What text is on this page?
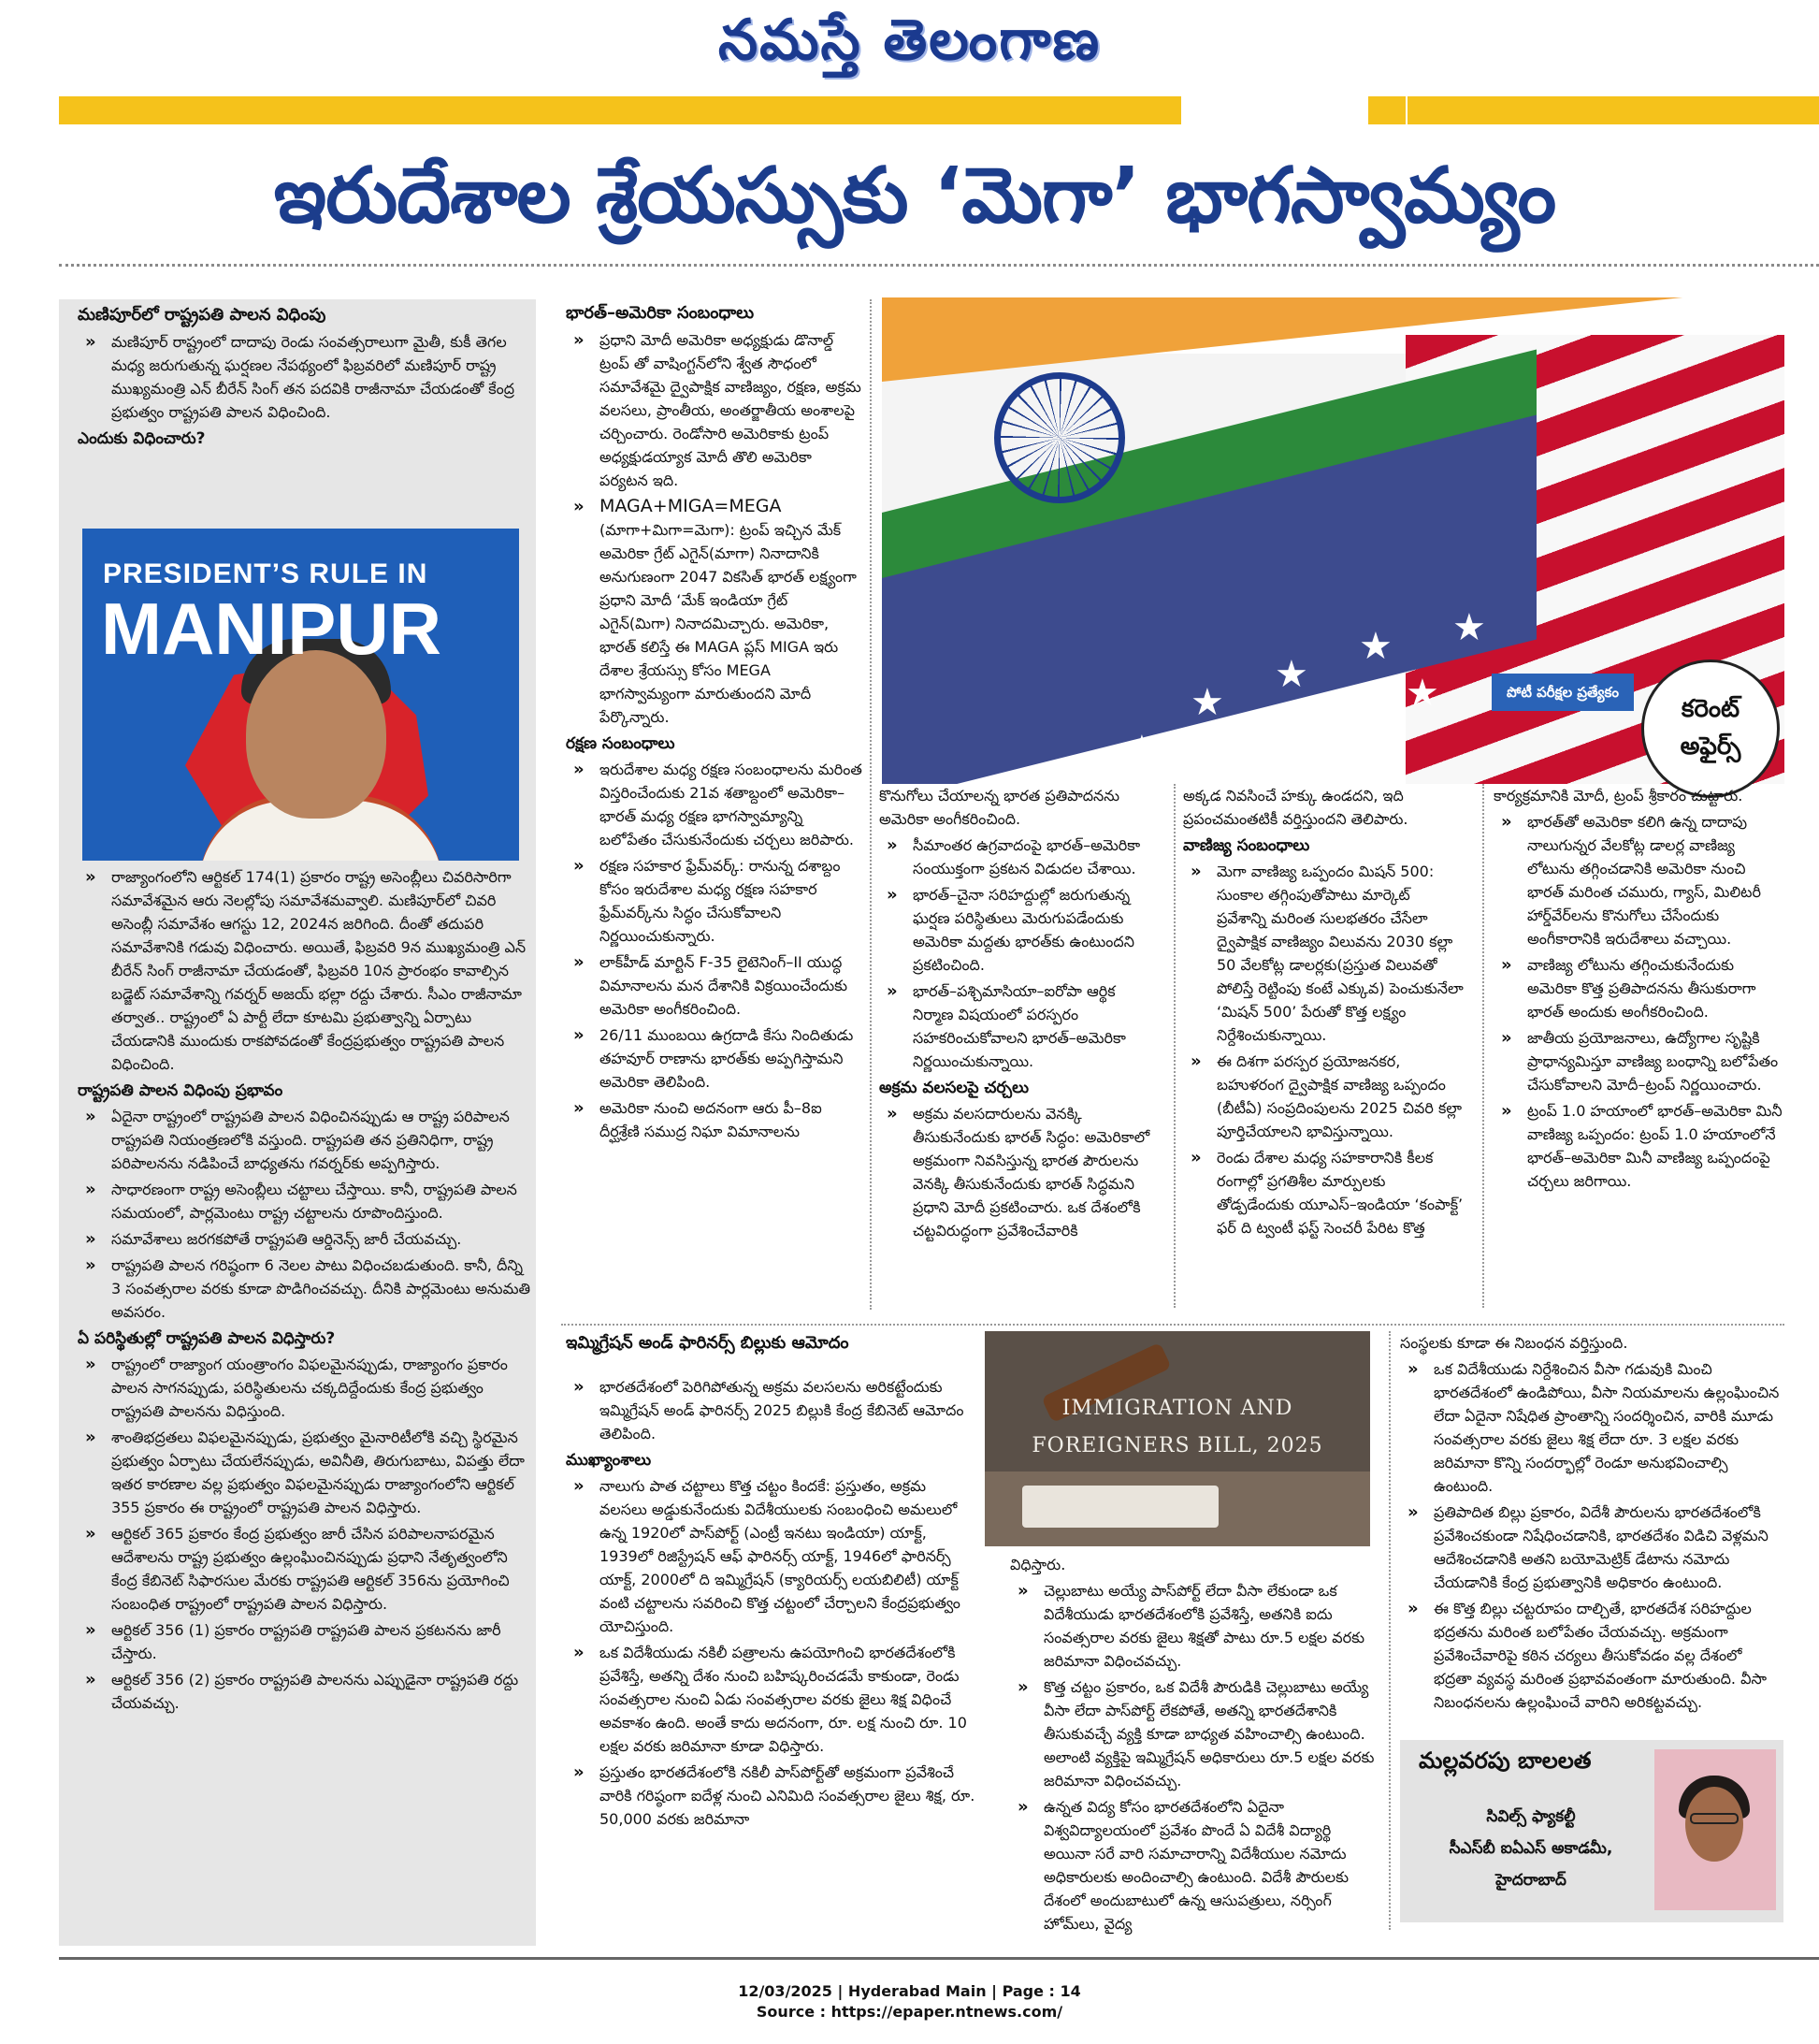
నమస్తే తెలంగాణ
ఇరుదేశాల శ్రేయస్సుకు ‘మెగా’ భాగస్వామ్యం
మణిపూర్‌లో రాష్ట్రపతి పాలన విధింపు
» మణిపూర్ రాష్ట్రంలో దాదాపు రెండు సంవత్సరాలుగా మైతీ, కుకీ తెగల మధ్య జరుగుతున్న ఘర్షణల నేపథ్యంలో ఫిబ్రవరిలో మణిపూర్ రాష్ట్ర ముఖ్యమంత్రి ఎన్ బీరేన్ సింగ్ తన పదవికి రాజీనామా చేయడంతో కేంద్ర ప్రభుత్వం రాష్ట్రపతి పాలన విధించింది.
ఎందుకు విధించారు?
PRESIDENT’S RULE IN
MANIPUR
» రాజ్యాంగంలోని ఆర్టికల్ 174(1) ప్రకారం రాష్ట్ర అసెంబ్లీలు చివరిసారిగా సమావేశమైన ఆరు నెలల్లోపు సమావేశమవ్వాలి. మణిపూర్‌లో చివరి అసెంబ్లీ సమావేశం ఆగస్టు 12, 2024న జరిగింది. దీంతో తదుపరి సమావేశానికి గడువు విధించారు. అయితే, ఫిబ్రవరి 9న ముఖ్యమంత్రి ఎన్ బీరేన్ సింగ్ రాజీనామా చేయడంతో, ఫిబ్రవరి 10న ప్రారంభం కావాల్సిన బడ్జెట్ సమావేశాన్ని గవర్నర్ అజయ్ భల్లా రద్దు చేశారు. సీఎం రాజీనామా తర్వాత.. రాష్ట్రంలో ఏ పార్టీ లేదా కూటమి ప్రభుత్వాన్ని ఏర్పాటు చేయడానికి ముందుకు రాకపోవడంతో కేంద్రప్రభుత్వం రాష్ట్రపతి పాలన విధించింది.
రాష్ట్రపతి పాలన విధింపు ప్రభావం
» ఏదైనా రాష్ట్రంలో రాష్ట్రపతి పాలన విధించినప్పుడు ఆ రాష్ట్ర పరిపాలన రాష్ట్రపతి నియంత్రణలోకి వస్తుంది. రాష్ట్రపతి తన ప్రతినిధిగా, రాష్ట్ర పరిపాలనను నడిపించే బాధ్యతను గవర్నర్‌కు అప్పగిస్తారు.
» సాధారణంగా రాష్ట్ర అసెంబ్లీలు చట్టాలు చేస్తాయి. కానీ, రాష్ట్రపతి పాలన సమయంలో, పార్లమెంటు రాష్ట్ర చట్టాలను రూపొందిస్తుంది.
» సమావేశాలు జరగకపోతే రాష్ట్రపతి ఆర్డినెన్స్ జారీ చేయవచ్చు.
» రాష్ట్రపతి పాలన గరిష్ఠంగా 6 నెలల పాటు విధించబడుతుంది. కానీ, దీన్ని 3 సంవత్సరాల వరకు కూడా పొడిగించవచ్చు. దీనికి పార్లమెంటు అనుమతి అవసరం.
ఏ పరిస్థితుల్లో రాష్ట్రపతి పాలన విధిస్తారు?
» రాష్ట్రంలో రాజ్యాంగ యంత్రాంగం విఫలమైనప్పుడు, రాజ్యాంగం ప్రకారం పాలన సాగనప్పుడు, పరిస్థితులను చక్కదిద్దేందుకు కేంద్ర ప్రభుత్వం రాష్ట్రపతి పాలనను విధిస్తుంది.
» శాంతిభద్రతలు విఫలమైనప్పుడు, ప్రభుత్వం మైనారిటీలోకి వచ్చి స్థిరమైన ప్రభుత్వం ఏర్పాటు చేయలేనప్పుడు, అవినీతి, తిరుగుబాటు, విపత్తు లేదా ఇతర కారణాల వల్ల ప్రభుత్వం విఫలమైనప్పుడు రాజ్యాంగంలోని ఆర్టికల్ 355 ప్రకారం ఈ రాష్ట్రంలో రాష్ట్రపతి పాలన విధిస్తారు.
» ఆర్టికల్ 365 ప్రకారం కేంద్ర ప్రభుత్వం జారీ చేసిన పరిపాలనాపరమైన ఆదేశాలను రాష్ట్ర ప్రభుత్వం ఉల్లంఘించినప్పుడు ప్రధాని నేతృత్వంలోని కేంద్ర కేబినెట్ సిఫారసుల మేరకు రాష్ట్రపతి ఆర్టికల్ 356ను ప్రయోగించి సంబంధిత రాష్ట్రంలో రాష్ట్రపతి పాలన విధిస్తారు.
» ఆర్టికల్ 356 (1) ప్రకారం రాష్ట్రపతి రాష్ట్రపతి పాలన ప్రకటనను జారీ చేస్తారు.
» ఆర్టికల్ 356 (2) ప్రకారం రాష్ట్రపతి పాలనను ఎప్పుడైనా రాష్ట్రపతి రద్దు చేయవచ్చు.
భారత్–అమెరికా సంబంధాలు
» ప్రధాని మోదీ అమెరికా అధ్యక్షుడు డొనాల్డ్ ట్రంప్ తో వాషింగ్టన్‌లోని శ్వేత సౌధంలో సమావేశమై ద్వైపాక్షిక వాణిజ్యం, రక్షణ, అక్రమ వలసలు, ప్రాంతీయ, అంతర్జాతీయ అంశాలపై చర్చించారు. రెండోసారి అమెరికాకు ట్రంప్ అధ్యక్షుడయ్యాక మోదీ తొలి అమెరికా పర్యటన ఇది.
» MAGA+MIGA=MEGA
(మాగా+మిగా=మెగా): ట్రంప్ ఇచ్చిన మేక్ అమెరికా గ్రేట్ ఎగైన్(మాగా) నినాదానికి అనుగుణంగా 2047 వికసిత్ భారత్ లక్ష్యంగా ప్రధాని మోదీ ‘మేక్ ఇండియా గ్రేట్ ఎగైన్(మిగా) నినాదమిచ్చారు. అమెరికా, భారత్ కలిస్తే ఈ MAGA ప్లస్ MIGA ఇరు దేశాల శ్రేయస్సు కోసం MEGA భాగస్వామ్యంగా మారుతుందని మోదీ పేర్కొన్నారు.
రక్షణ సంబంధాలు
» ఇరుదేశాల మధ్య రక్షణ సంబంధాలను మరింత విస్తరించేందుకు 21వ శతాబ్దంలో అమెరికా–భారత్ మధ్య రక్షణ భాగస్వామ్యాన్ని బలోపేతం చేసుకునేందుకు చర్చలు జరిపారు.
» రక్షణ సహకార ఫ్రేమ్‌వర్క్: రానున్న దశాబ్దం కోసం ఇరుదేశాల మధ్య రక్షణ సహకార ఫ్రేమ్‌వర్క్‌ను సిద్ధం చేసుకోవాలని నిర్ణయించుకున్నారు.
» లాక్‌హీడ్ మార్టిన్ F-35 లైటెనింగ్–II యుద్ధ విమానాలను మన దేశానికి విక్రయించేందుకు అమెరికా అంగీకరించింది.
» 26/11 ముంబయి ఉగ్రదాడి కేసు నిందితుడు తహవూర్ రాణాను భారత్‌కు అప్పగిస్తామని అమెరికా తెలిపింది.
» అమెరికా నుంచి అదనంగా ఆరు పీ–8ఐ దీర్ఘశ్రేణి సముద్ర నిఘా విమానాలను
★
★
★
★
★
★
★
★
పోటీ పరీక్షల ప్రత్యేకం
కరెంట్
అఫైర్స్
కొనుగోలు చేయాలన్న భారత ప్రతిపాదనను అమెరికా అంగీకరించింది.
» సీమాంతర ఉగ్రవాదంపై భారత్–అమెరికా సంయుక్తంగా ప్రకటన విడుదల చేశాయి.
» భారత్–చైనా సరిహద్దుల్లో జరుగుతున్న ఘర్షణ పరిస్థితులు మెరుగుపడేందుకు అమెరికా మద్దతు భారత్‌కు ఉంటుందని ప్రకటించింది.
» భారత్–పశ్చిమాసియా–ఐరోపా ఆర్థిక నిర్మాణ విషయంలో పరస్పరం సహకరించుకోవాలని భారత్–అమెరికా నిర్ణయించుకున్నాయి.
అక్రమ వలసలపై చర్చలు
» అక్రమ వలసదారులను వెనక్కి తీసుకునేందుకు భారత్ సిద్ధం: అమెరికాలో అక్రమంగా నివసిస్తున్న భారత పౌరులను వెనక్కి తీసుకునేందుకు భారత్ సిద్ధమని ప్రధాని మోదీ ప్రకటించారు. ఒక దేశంలోకి చట్టవిరుద్ధంగా ప్రవేశించేవారికి
అక్కడ నివసించే హక్కు ఉండదని, ఇది ప్రపంచమంతటికీ వర్తిస్తుందని తెలిపారు.
వాణిజ్య సంబంధాలు
» మెగా వాణిజ్య ఒప్పందం మిషన్ 500: సుంకాల తగ్గింపుతోపాటు మార్కెట్ ప్రవేశాన్ని మరింత సులభతరం చేసేలా ద్వైపాక్షిక వాణిజ్యం విలువను 2030 కల్లా 50 వేలకోట్ల డాలర్లకు(ప్రస్తుత విలువతో పోలిస్తే రెట్టింపు కంటే ఎక్కువ) పెంచుకునేలా ‘మిషన్ 500’ పేరుతో కొత్త లక్ష్యం నిర్దేశించుకున్నాయి.
» ఈ దిశగా పరస్పర ప్రయోజనకర, బహుళరంగ ద్వైపాక్షిక వాణిజ్య ఒప్పందం (బీటీఏ) సంప్రదింపులను 2025 చివరి కల్లా పూర్తిచేయాలని భావిస్తున్నాయి.
» రెండు దేశాల మధ్య సహకారానికి కీలక రంగాల్లో ప్రగతిశీల మార్పులకు తోడ్పడేందుకు యూఎస్–ఇండియా ‘కంపాక్ట్’ ఫర్ ది ట్వంటీ ఫస్ట్ సెంచరీ పేరిట కొత్త
కార్యక్రమానికి మోదీ, ట్రంప్ శ్రీకారం చుట్టారు.
» భారత్‌తో అమెరికా కలిగి ఉన్న దాదాపు నాలుగున్నర వేలకోట్ల డాలర్ల వాణిజ్య లోటును తగ్గించడానికి అమెరికా నుంచి భారత్ మరింత చమురు, గ్యాస్, మిలిటరీ హార్డ్‌వేర్‌లను కొనుగోలు చేసేందుకు అంగీకారానికి ఇరుదేశాలు వచ్చాయి.
» వాణిజ్య లోటును తగ్గించుకునేందుకు అమెరికా కొత్త ప్రతిపాదనను తీసుకురాగా భారత్ అందుకు అంగీకరించింది.
» జాతీయ ప్రయోజనాలు, ఉద్యోగాల సృష్టికి ప్రాధాన్యమిస్తూ వాణిజ్య బంధాన్ని బలోపేతం చేసుకోవాలని మోదీ–ట్రంప్ నిర్ణయించారు.
» ట్రంప్ 1.0 హయాంలో భారత్–అమెరికా మినీ వాణిజ్య ఒప్పందం: ట్రంప్ 1.0 హయాంలోనే భారత్–అమెరికా మినీ వాణిజ్య ఒప్పందంపై చర్చలు జరిగాయి.
ఇమ్మిగ్రేషన్ అండ్ ఫారినర్స్ బిల్లుకు ఆమోదం
IMMIGRATION AND
FOREIGNERS BILL, 2025
» భారతదేశంలో పెరిగిపోతున్న అక్రమ వలసలను అరికట్టేందుకు ఇమ్మిగ్రేషన్ అండ్ ఫారినర్స్ 2025 బిల్లుకి కేంద్ర కేబినెట్ ఆమోదం తెలిపింది.
ముఖ్యాంశాలు
» నాలుగు పాత చట్టాలు కొత్త చట్టం కిందకే: ప్రస్తుతం, అక్రమ వలసలు అడ్డుకునేందుకు విదేశీయులకు సంబంధించి అమలులో ఉన్న 1920లో పాస్‌పోర్ట్ (ఎంట్రీ ఇనటు ఇండియా) యాక్ట్, 1939లో రిజిస్ట్రేషన్ ఆఫ్ ఫారినర్స్ యాక్ట్, 1946లో ఫారినర్స్ యాక్ట్, 2000లో ది ఇమ్మిగ్రేషన్ (క్యారియర్స్ లయబిలిటీ) యాక్ట్ వంటి చట్టాలను సవరించి కొత్త చట్టంలో చేర్చాలని కేంద్రప్రభుత్వం యోచిస్తుంది.
» ఒక విదేశీయుడు నకిలీ పత్రాలను ఉపయోగించి భారతదేశంలోకి ప్రవేశిస్తే, అతన్ని దేశం నుంచి బహిష్కరించడమే కాకుండా, రెండు సంవత్సరాల నుంచి ఏడు సంవత్సరాల వరకు జైలు శిక్ష విధించే అవకాశం ఉంది. అంతే కాదు అదనంగా, రూ. లక్ష నుంచి రూ. 10 లక్షల వరకు జరిమానా కూడా విధిస్తారు.
» ప్రస్తుతం భారతదేశంలోకి నకిలీ పాస్‌పోర్ట్‌తో అక్రమంగా ప్రవేశించే వారికి గరిష్ఠంగా ఐదేళ్ల నుంచి ఎనిమిది సంవత్సరాల జైలు శిక్ష, రూ. 50,000 వరకు జరిమానా
విధిస్తారు.
» చెల్లుబాటు అయ్యే పాస్‌పోర్ట్ లేదా వీసా లేకుండా ఒక విదేశీయుడు భారతదేశంలోకి ప్రవేశిస్తే, అతనికి ఐదు సంవత్సరాల వరకు జైలు శిక్షతో పాటు రూ.5 లక్షల వరకు జరిమానా విధించవచ్చు.
» కొత్త చట్టం ప్రకారం, ఒక విదేశీ పౌరుడికి చెల్లుబాటు అయ్యే వీసా లేదా పాస్‌పోర్ట్ లేకపోతే, అతన్ని భారతదేశానికి తీసుకువచ్చే వ్యక్తి కూడా బాధ్యత వహించాల్సి ఉంటుంది. అలాంటి వ్యక్తిపై ఇమ్మిగ్రేషన్ అధికారులు రూ.5 లక్షల వరకు జరిమానా విధించవచ్చు.
» ఉన్నత విద్య కోసం భారతదేశంలోని ఏదైనా విశ్వవిద్యాలయంలో ప్రవేశం పొందే ఏ విదేశీ విద్యార్థి అయినా సరే వారి సమాచారాన్ని విదేశీయుల నమోదు అధికారులకు అందించాల్సి ఉంటుంది. విదేశీ పౌరులకు దేశంలో అందుబాటులో ఉన్న ఆసుపత్రులు, నర్సింగ్ హోమ్‌లు, వైద్య
సంస్థలకు కూడా ఈ నిబంధన వర్తిస్తుంది.
» ఒక విదేశీయుడు నిర్దేశించిన వీసా గడువుకి మించి భారతదేశంలో ఉండిపోయి, వీసా నియమాలను ఉల్లంఘించిన లేదా ఏదైనా నిషేధిత ప్రాంతాన్ని సందర్శించిన, వారికి మూడు సంవత్సరాల వరకు జైలు శిక్ష లేదా రూ. 3 లక్షల వరకు జరిమానా కొన్ని సందర్భాల్లో రెండూ అనుభవించాల్సి ఉంటుంది.
» ప్రతిపాదిత బిల్లు ప్రకారం, విదేశీ పౌరులను భారతదేశంలోకి ప్రవేశించకుండా నిషేధించడానికి, భారతదేశం విడిచి వెళ్లమని ఆదేశించడానికి అతని బయోమెట్రిక్ డేటాను నమోదు చేయడానికి కేంద్ర ప్రభుత్వానికి అధికారం ఉంటుంది.
» ఈ కొత్త బిల్లు చట్టరూపం దాల్చితే, భారతదేశ సరిహద్దుల భద్రతను మరింత బలోపేతం చేయవచ్చు. అక్రమంగా ప్రవేశించేవారిపై కఠిన చర్యలు తీసుకోవడం వల్ల దేశంలో భద్రతా వ్యవస్థ మరింత ప్రభావవంతంగా మారుతుంది. వీసా నిబంధనలను ఉల్లంఘించే వారిని అరికట్టవచ్చు.
మల్లవరపు బాలలత
సివిల్స్ ఫ్యాకల్టీ
సీఎస్‌బీ ఐఏఎస్ అకాడమీ,
హైదరాబాద్
12/03/2025 | Hyderabad Main | Page : 14
Source : https://epaper.ntnews.com/
